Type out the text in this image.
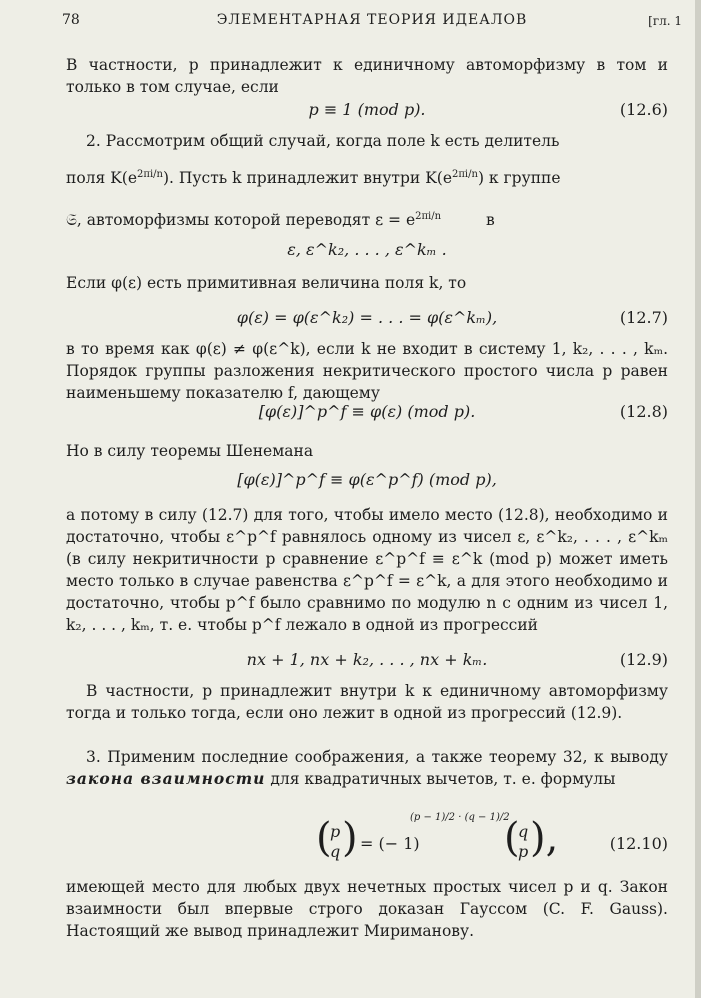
78	ЭЛЕМЕНТАРНАЯ ТЕОРИЯ ИДЕАЛОВ	[гл. 1
В частности, p принадлежит к единичному автоморфизму в том и только в том случае, если
p ≡ 1 (mod p).	(12.6)
2. Рассмотрим общий случай, когда поле k есть делитель
поля $K(e^{2\pi i/n})$. Пусть k принадлежит внутри $K(e^{2\pi i/n})$ к группе
𝔖, автоморфизмы которой переводят $\varepsilon = e^{2\pi i/n}$	в
ε, ε^k₂, . . . , ε^kₘ .
Если φ(ε) есть примитивная величина поля k, то
φ(ε) = φ(ε^k₂) = . . . = φ(ε^kₘ),	(12.7)
в то время как φ(ε) ≠ φ(ε^k), если k не входит в систему 1, k₂, . . . , kₘ. Порядок группы разложения некритического простого числа p равен наименьшему показателю f, дающему
[φ(ε)]^p^f ≡ φ(ε) (mod p).	(12.8)
Но в силу теоремы Шенемана
[φ(ε)]^p^f ≡ φ(ε^p^f) (mod p),
а потому в силу (12.7) для того, чтобы имело место (12.8), необходимо и достаточно, чтобы ε^p^f равнялось одному из чисел ε, ε^k₂, . . . , ε^kₘ (в силу некритичности p сравнение ε^p^f ≡ ε^k (mod p) может иметь место только в случае равенства ε^p^f = ε^k, а для этого необходимо и достаточно, чтобы p^f было сравнимо по модулю n с одним из чисел 1, k₂, . . . , kₘ, т. е. чтобы p^f лежало в одной из прогрессий
nx + 1, nx + k₂, . . . , nx + kₘ.	(12.9)
В частности, p принадлежит внутри k к единичному автоморфизму тогда и только тогда, если оно лежит в одной из прогрессий (12.9).
3. Применим последние соображения, а также теорему 32, к выводу закона взаимности для квадратичных вычетов, т. е. формулы
(
p
q ) = (− 1)
(p − 1)/2 · (q − 1)/2
(
q
p ),	(12.10)
имеющей место для любых двух нечетных простых чисел p и q. Закон взаимности был впервые строго доказан Гауссом (C. F. Gauss). Настоящий же вывод принадлежит Мириманову.
